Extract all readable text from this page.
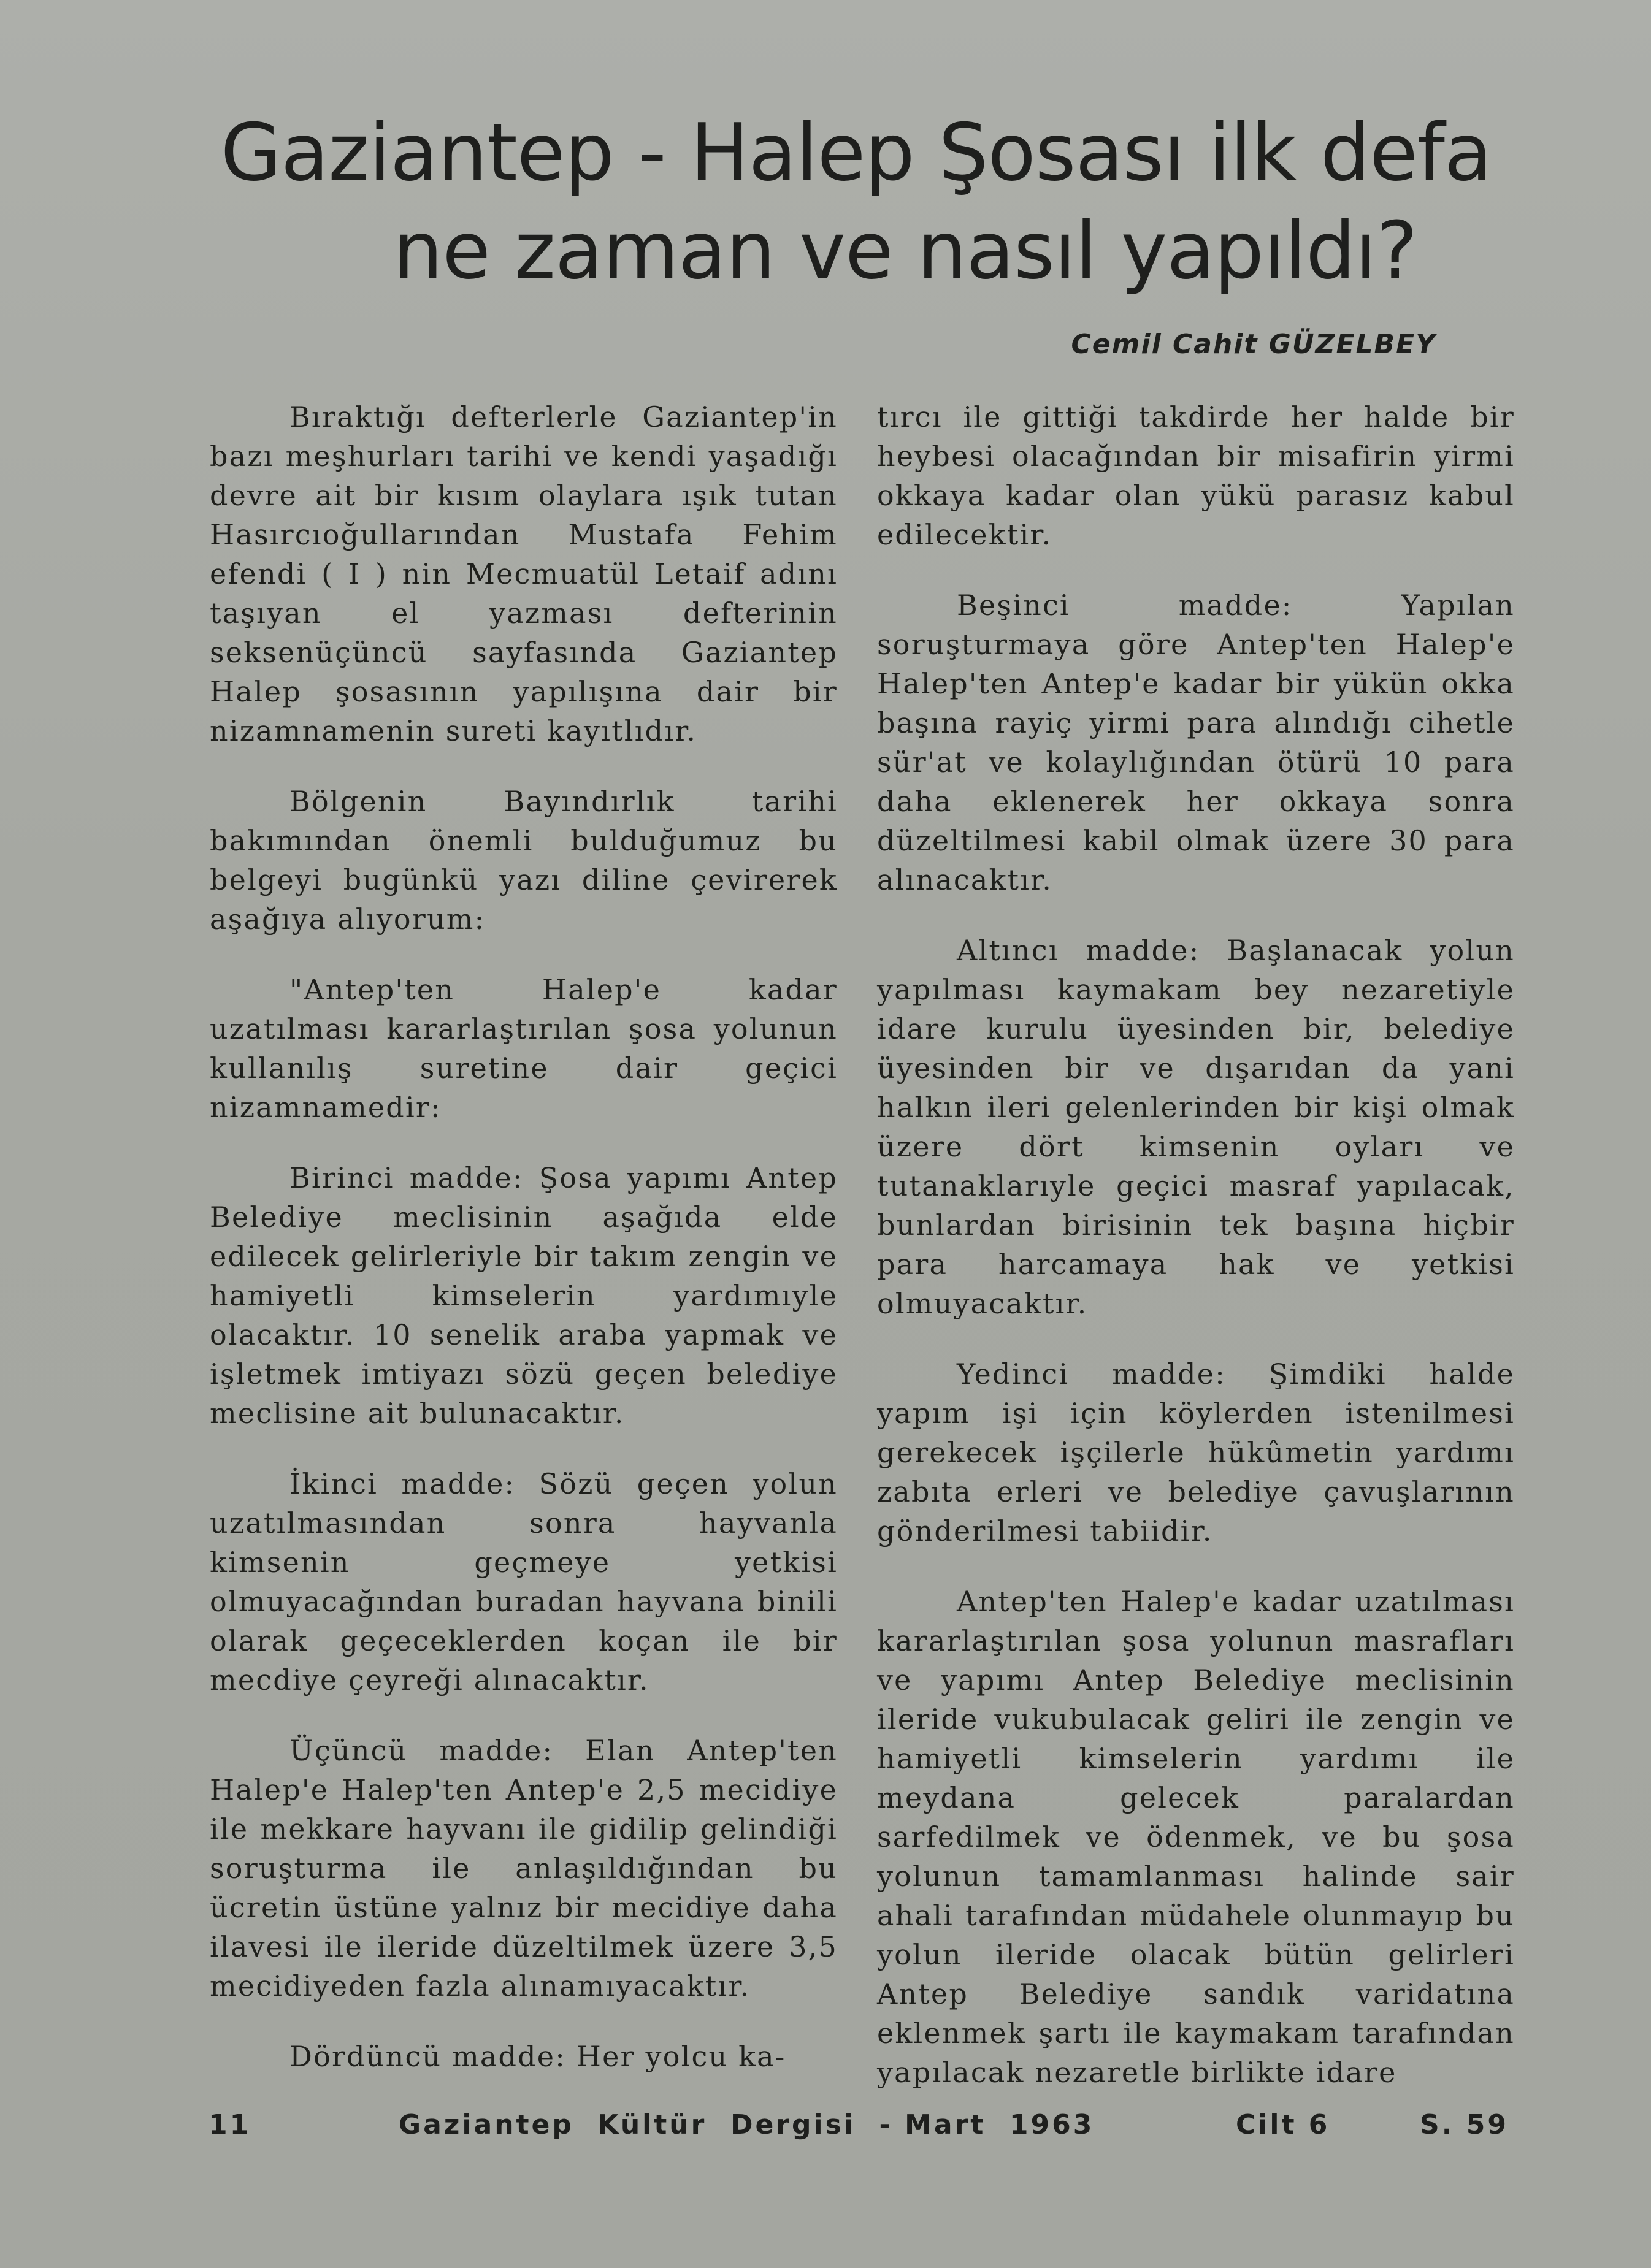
Gaziantep - Halep Şosası ilk defa
ne zaman ve nasıl yapıldı?
Cemil Cahit GÜZELBEY

Bıraktığı defterlerle Gaziantep'in bazı meşhurları tarihi ve kendi yaşadığı devre ait bir kısım olaylara ışık tutan Hasırcıoğullarından Mustafa Fehim efendi ( I ) nin Mecmuatül Letaif adını taşıyan el yazması defterinin seksenüçüncü sayfasında Gaziantep Halep şosasının yapılışına dair bir nizamnamenin sureti kayıtlıdır.

Bölgenin Bayındırlık tarihi bakımından önemli bulduğumuz bu belgeyi bugünkü yazı diline çevirerek aşağıya alıyorum:

"Antep'ten Halep'e kadar uzatılması kararlaştırılan şosa yolunun kullanılış suretine dair geçici nizamnamedir:

Birinci madde: Şosa yapımı Antep Belediye meclisinin aşağıda elde edilecek gelirleriyle bir takım zengin ve hamiyetli kimselerin yardımıyle olacaktır. 10 senelik araba yapmak ve işletmek imtiyazı sözü geçen belediye meclisine ait bulunacaktır.

İkinci madde: Sözü geçen yolun uzatılmasından sonra hayvanla kimsenin geçmeye yetkisi olmuyacağından buradan hayvana binili olarak geçeceklerden koçan ile bir mecdiye çeyreği alınacaktır.

Üçüncü madde: Elan Antep'ten Halep'e Halep'ten Antep'e 2,5 mecidiye ile mekkare hayvanı ile gidilip gelindiği soruşturma ile anlaşıldığından bu ücretin üstüne yalnız bir mecidiye daha ilavesi ile ileride düzeltilmek üzere 3,5 mecidiyeden fazla alınamıyacaktır.

Dördüncü madde: Her yolcu ka-

tırcı ile gittiği takdirde her halde bir heybesi olacağından bir misafirin yirmi okkaya kadar olan yükü parasız kabul edilecektir.

Beşinci madde: Yapılan soruşturmaya göre Antep'ten Halep'e Halep'ten Antep'e kadar bir yükün okka başına rayiç yirmi para alındığı cihetle sür'at ve kolaylığından ötürü 10 para daha eklenerek her okkaya sonra düzeltilmesi kabil olmak üzere 30 para alınacaktır.

Altıncı madde: Başlanacak yolun yapılması kaymakam bey nezaretiyle idare kurulu üyesinden bir, belediye üyesinden bir ve dışarıdan da yani halkın ileri gelenlerinden bir kişi olmak üzere dört kimsenin oyları ve tutanaklarıyle geçici masraf yapılacak, bunlardan birisinin tek başına hiçbir para harcamaya hak ve yetkisi olmuyacaktır.

Yedinci madde: Şimdiki halde yapım işi için köylerden istenilmesi gerekecek işçilerle hükûmetin yardımı zabıta erleri ve belediye çavuşlarının gönderilmesi tabiidir.

Antep'ten Halep'e kadar uzatılması kararlaştırılan şosa yolunun masrafları ve yapımı Antep Belediye meclisinin ileride vukubulacak geliri ile zengin ve hamiyetli kimselerin yardımı ile meydana gelecek paralardan sarfedilmek ve ödenmek, ve bu şosa yolunun tamamlanması halinde sair ahali tarafından müdahele olunmayıp bu yolun ileride olacak bütün gelirleri Antep Belediye sandık varidatına eklenmek şartı ile kaymakam tarafından yapılacak nezaretle birlikte idare

11	Gaziantep  Kültür  Dergisi  - Mart  1963	Cilt 6	S. 59
